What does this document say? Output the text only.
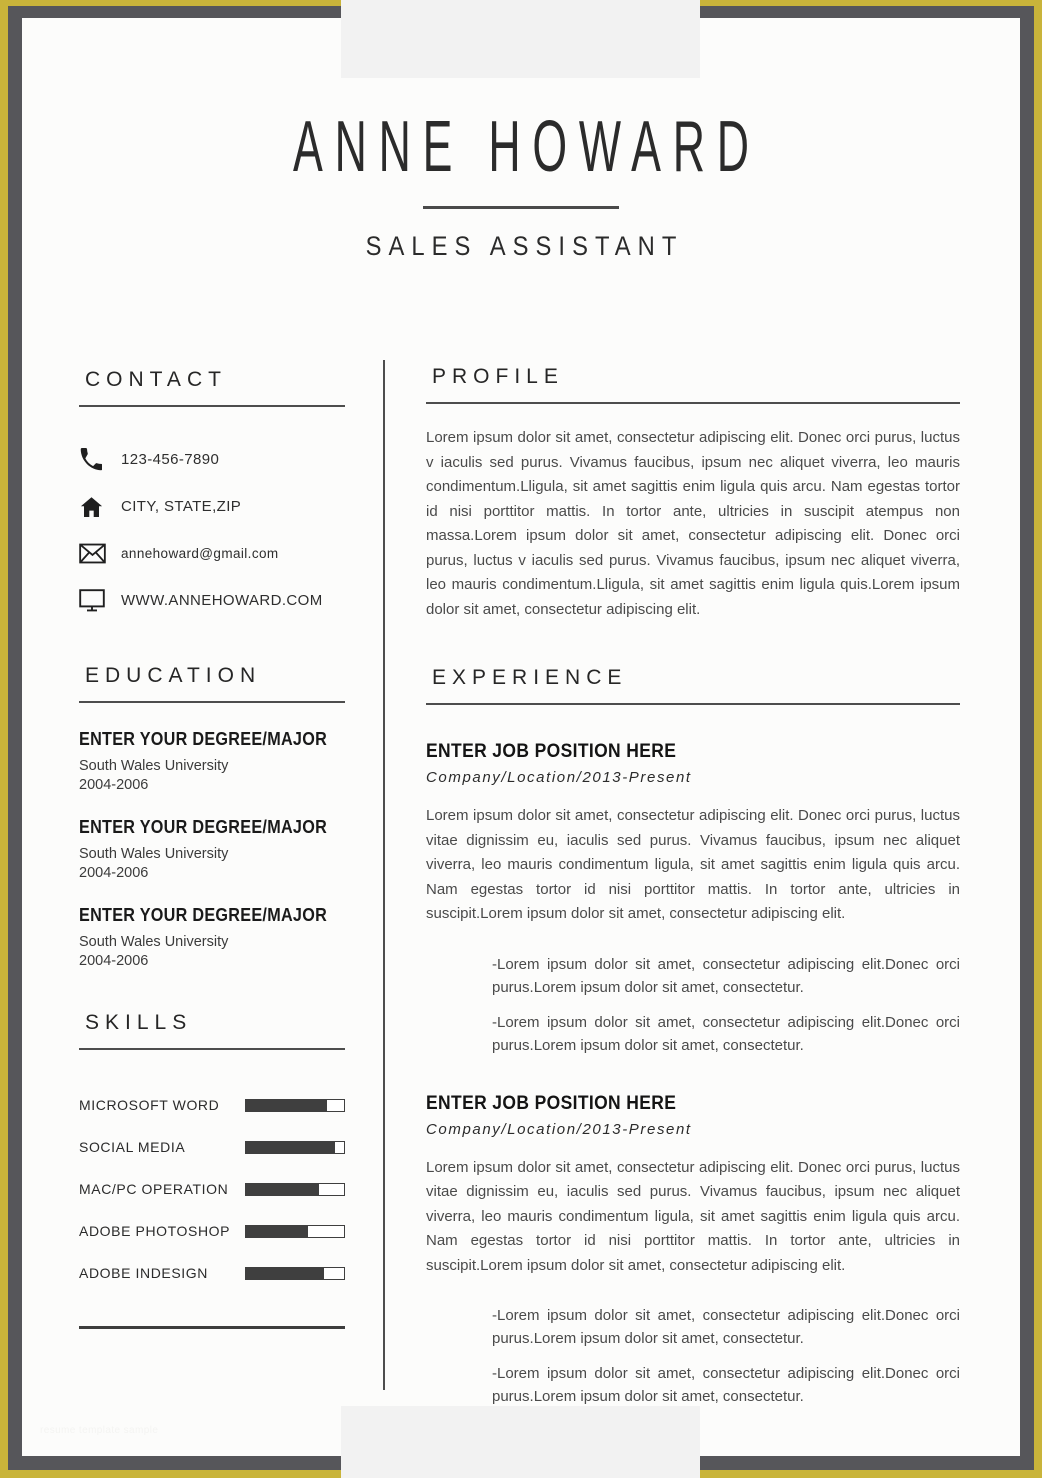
ANNE HOWARD
SALES ASSISTANT
CONTACT
123-456-7890
CITY, STATE,ZIP
annehoward@gmail.com
WWW.ANNEHOWARD.COM
EDUCATION
ENTER YOUR DEGREE/MAJOR
South Wales University
2004-2006
ENTER YOUR DEGREE/MAJOR
South Wales University
2004-2006
ENTER YOUR DEGREE/MAJOR
South Wales University
2004-2006
SKILLS
MICROSOFT WORD
SOCIAL MEDIA
MAC/PC OPERATION
ADOBE PHOTOSHOP
ADOBE INDESIGN
PROFILE
Lorem ipsum dolor sit amet, consectetur adipiscing elit. Donec orci purus, luctus v iaculis sed purus. Vivamus faucibus, ipsum nec aliquet viverra, leo mauris condimentum.Lligula, sit amet sagittis enim ligula quis arcu. Nam egestas tortor id nisi porttitor mattis. In tortor ante, ultricies in suscipit atempus non massa.Lorem ipsum dolor sit amet, consectetur adipiscing elit. Donec orci purus, luctus v iaculis sed purus. Vivamus faucibus, ipsum nec aliquet viverra, leo mauris condimentum.Lligula, sit amet sagittis enim ligula quis.Lorem ipsum dolor sit amet, consectetur adipiscing elit.
EXPERIENCE
ENTER JOB POSITION HERE
Company/Location/2013-Present
Lorem ipsum dolor sit amet, consectetur adipiscing elit. Donec orci purus, luctus vitae dignissim eu, iaculis sed purus. Vivamus faucibus, ipsum nec aliquet viverra, leo mauris condimentum ligula, sit amet sagittis enim ligula quis arcu. Nam egestas tortor id nisi porttitor mattis. In tortor ante, ultricies in suscipit.Lorem ipsum dolor sit amet, consectetur adipiscing elit.
-Lorem ipsum dolor sit amet, consectetur adipiscing elit.Donec orci purus.Lorem ipsum dolor sit amet, consectetur.
-Lorem ipsum dolor sit amet, consectetur adipiscing elit.Donec orci purus.Lorem ipsum dolor sit amet, consectetur.
ENTER JOB POSITION HERE
Company/Location/2013-Present
Lorem ipsum dolor sit amet, consectetur adipiscing elit. Donec orci purus, luctus vitae dignissim eu, iaculis sed purus. Vivamus faucibus, ipsum nec aliquet viverra, leo mauris condimentum ligula, sit amet sagittis enim ligula quis arcu. Nam egestas tortor id nisi porttitor mattis. In tortor ante, ultricies in suscipit.Lorem ipsum dolor sit amet, consectetur adipiscing elit.
-Lorem ipsum dolor sit amet, consectetur adipiscing elit.Donec orci purus.Lorem ipsum dolor sit amet, consectetur.
-Lorem ipsum dolor sit amet, consectetur adipiscing elit.Donec orci purus.Lorem ipsum dolor sit amet, consectetur.
resume template sample
